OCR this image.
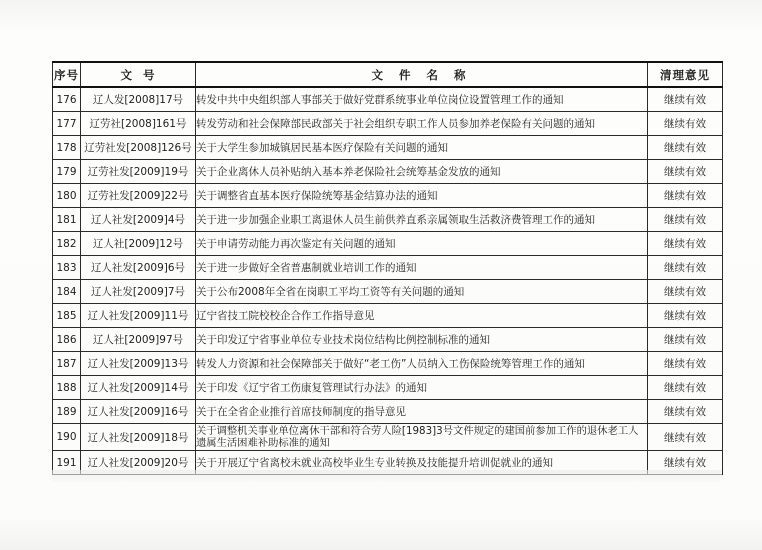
序号	文  号	文 件 名 称	清理意见
176	辽人发[2008]17号	转发中共中央组织部人事部关于做好党群系统事业单位岗位设置管理工作的通知	继续有效
177	辽劳社[2008]161号	转发劳动和社会保障部民政部关于社会组织专职工作人员参加养老保险有关问题的通知	继续有效
178	辽劳社发[2008]126号	关于大学生参加城镇居民基本医疗保险有关问题的通知	继续有效
179	辽劳社发[2009]19号	关于企业离休人员补贴纳入基本养老保险社会统筹基金发放的通知	继续有效
180	辽劳社发[2009]22号	关于调整省直基本医疗保险统筹基金结算办法的通知	继续有效
181	辽人社发[2009]4号	关于进一步加强企业职工离退休人员生前供养直系亲属领取生活救济费管理工作的通知	继续有效
182	辽人社[2009]12号	关于申请劳动能力再次鉴定有关问题的通知	继续有效
183	辽人社发[2009]6号	关于进一步做好全省普惠制就业培训工作的通知	继续有效
184	辽人社发[2009]7号	关于公布2008年全省在岗职工平均工资等有关问题的通知	继续有效
185	辽人社发[2009]11号	辽宁省技工院校校企合作工作指导意见	继续有效
186	辽人社[2009]97号	关于印发辽宁省事业单位专业技术岗位结构比例控制标准的通知	继续有效
187	辽人社发[2009]13号	转发人力资源和社会保障部关于做好“老工伤”人员纳入工伤保险统筹管理工作的通知	继续有效
188	辽人社发[2009]14号	关于印发《辽宁省工伤康复管理试行办法》的通知	继续有效
189	辽人社发[2009]16号	关于在全省企业推行首席技师制度的指导意见	继续有效
190	辽人社发[2009]18号	关于调整机关事业单位离休干部和符合劳人险[1983]3号文件规定的建国前参加工作的退休老工人遗属生活困难补助标准的通知	继续有效
191	辽人社发[2009]20号	关于开展辽宁省离校未就业高校毕业生专业转换及技能提升培训促就业的通知	继续有效
